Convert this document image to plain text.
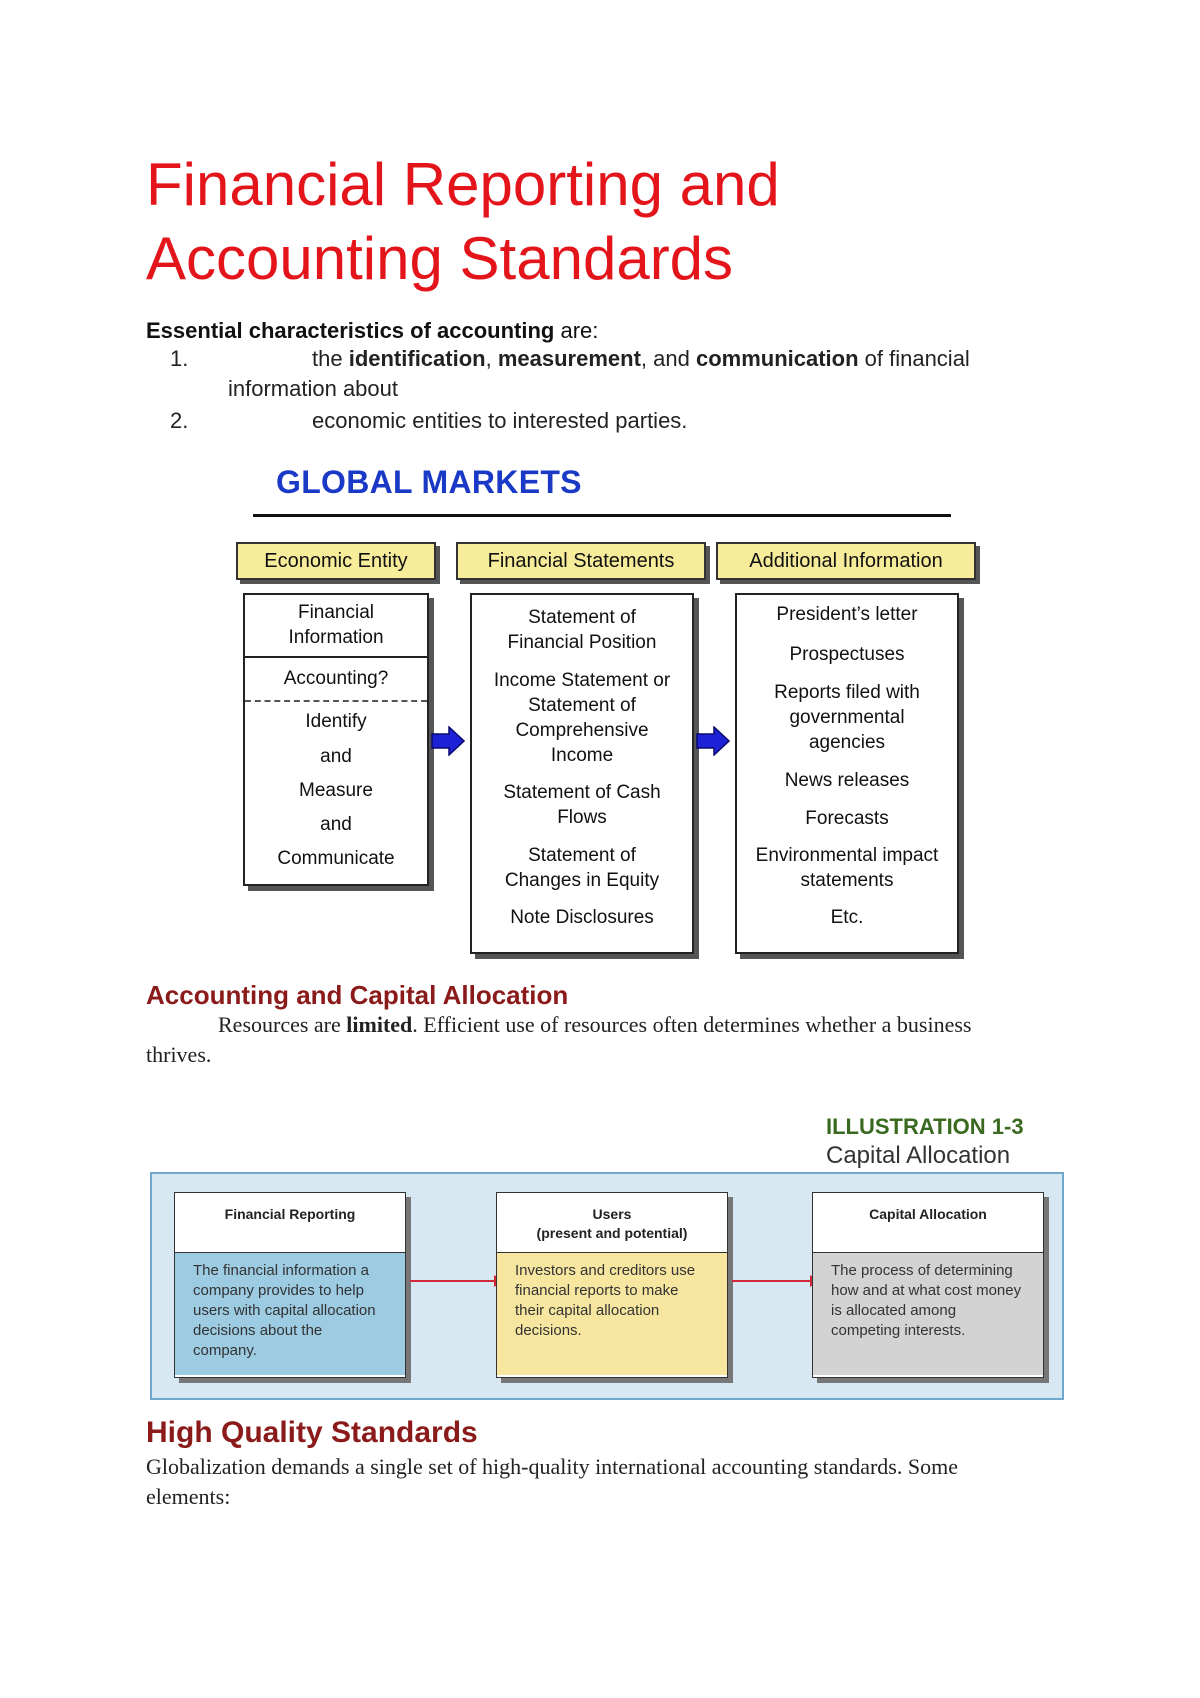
Financial Reporting and Accounting Standards
Essential characteristics of accounting are:
1.	the identification, measurement, and communication of financial
information about
2.	economic entities to interested parties.
GLOBAL MARKETS
Economic Entity	Financial Statements	Additional Information
Financial
Information
Accounting?
Identify
and
Measure
and
Communicate
Statement of
Financial Position
Income Statement or
Statement of
Comprehensive
Income
Statement of Cash
Flows
Statement of
Changes in Equity
Note Disclosures
President’s letter
Prospectuses
Reports filed with
governmental
agencies
News releases
Forecasts
Environmental impact
statements
Etc.
Accounting and Capital Allocation
Resources are limited. Efficient use of resources often determines whether a business
thrives.
ILLUSTRATION 1-3
Capital Allocation
Financial Reporting
The financial information a company provides to help users with capital allocation decisions about the company.
Users
(present and potential)
Investors and creditors use financial reports to make their capital allocation decisions.
Capital Allocation
The process of determining how and at what cost money is allocated among competing interests.
High Quality Standards
Globalization demands a single set of high-quality international accounting standards. Some
elements:
